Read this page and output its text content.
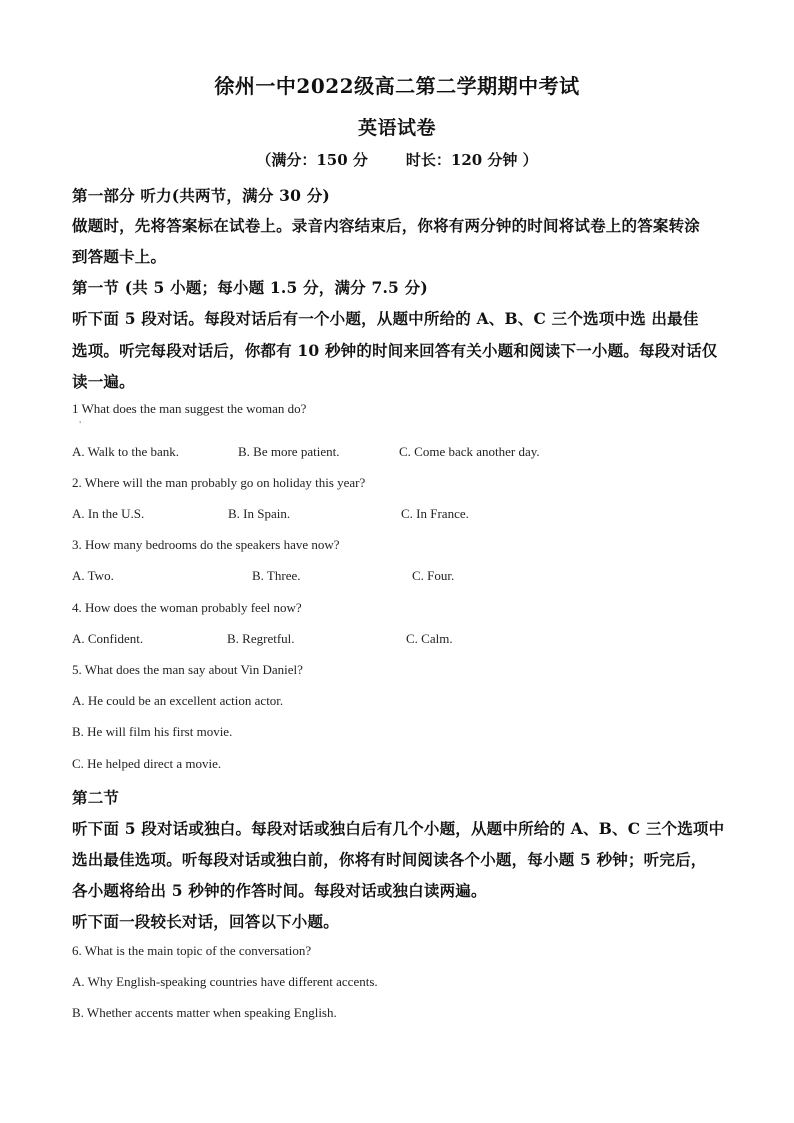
徐州一中2022级高二第二学期期中考试
英语试卷
（满分：150 分	时长：120 分钟 ）
第一部分 听力(共两节，满分 30 分)
做题时，先将答案标在试卷上。录音内容结束后，你将有两分钟的时间将试卷上的答案转涂
到答题卡上。
第一节 (共 5 小题；每小题 1.5 分，满分 7.5 分)
听下面 5 段对话。每段对话后有一个小题，从题中所给的 A、B、C 三个选项中选 出最佳
选项。听完每段对话后，你都有 10 秒钟的时间来回答有关小题和阅读下一小题。每段对话仅
读一遍。
1 What does the man suggest the woman do?
'
A. Walk to the bank.	B. Be more patient.	C. Come back another day.
2. Where will the man probably go on holiday this year?
A. In the U.S.	B. In Spain.	C. In France.
3. How many bedrooms do the speakers have now?
A. Two.	B. Three.	C. Four.
4. How does the woman probably feel now?
A. Confident.	B. Regretful.	C. Calm.
5. What does the man say about Vin Daniel?
A. He could be an excellent action actor.
B. He will film his first movie.
C. He helped direct a movie.
第二节
听下面 5 段对话或独白。每段对话或独白后有几个小题，从题中所给的 A、B、C 三个选项中
选出最佳选项。听每段对话或独白前，你将有时间阅读各个小题，每小题 5 秒钟；听完后，
各小题将给出 5 秒钟的作答时间。每段对话或独白读两遍。
听下面一段较长对话，回答以下小题。
6. What is the main topic of the conversation?
A. Why English-speaking countries have different accents.
B. Whether accents matter when speaking English.
